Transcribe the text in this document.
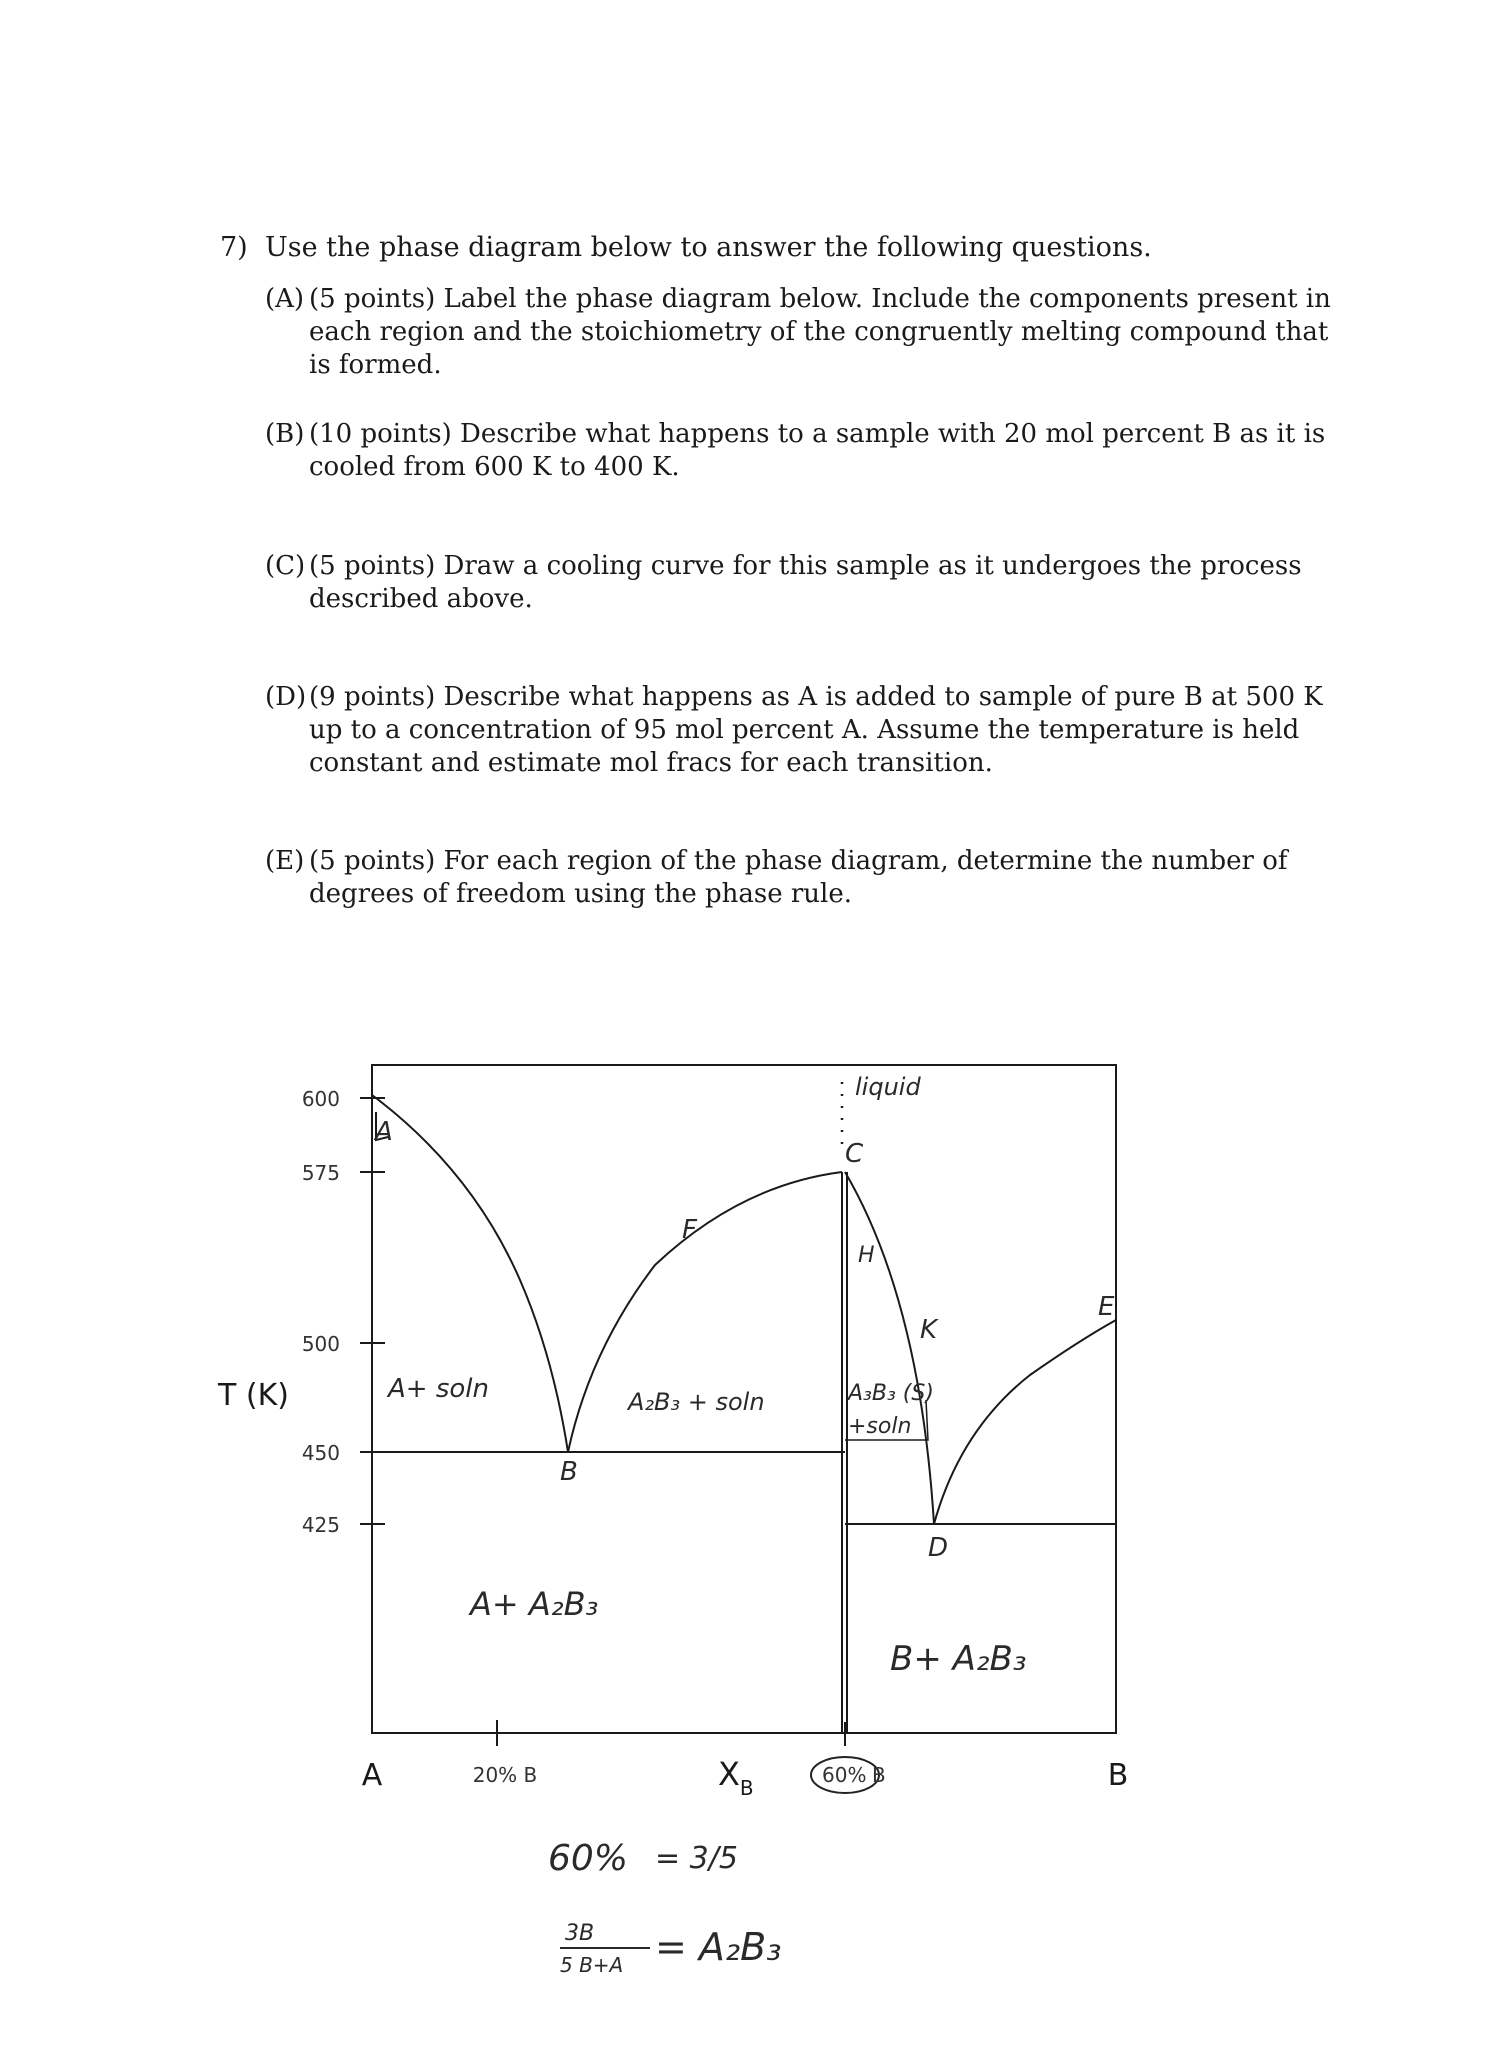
7) Use the phase diagram below to answer the following questions.
(A) (5 points) Label the phase diagram below. Include the components present in
each region and the stoichiometry of the congruently melting compound that
is formed.
(B) (10 points) Describe what happens to a sample with 20 mol percent B as it is
cooled from 600 K to 400 K.
(C) (5 points) Draw a cooling curve for this sample as it undergoes the process
described above.
(D) (9 points) Describe what happens as A is added to sample of pure B at 500 K
up to a concentration of 95 mol percent A. Assume the temperature is held
constant and estimate mol fracs for each transition.
(E) (5 points) For each region of the phase diagram, determine the number of
degrees of freedom using the phase rule.
600
575
500
450
425
T (K)
A	20% B	$X_B$
60% B	B
A
B
C
D
E
F
H
K
liquid
A+ soln	A₂B₃ + soln	A₃B₃ (S)
+soln
A+ A₂B₃
B+ A₂B₃
60% = 3/5
3B
5 B+A = A₂B₃
